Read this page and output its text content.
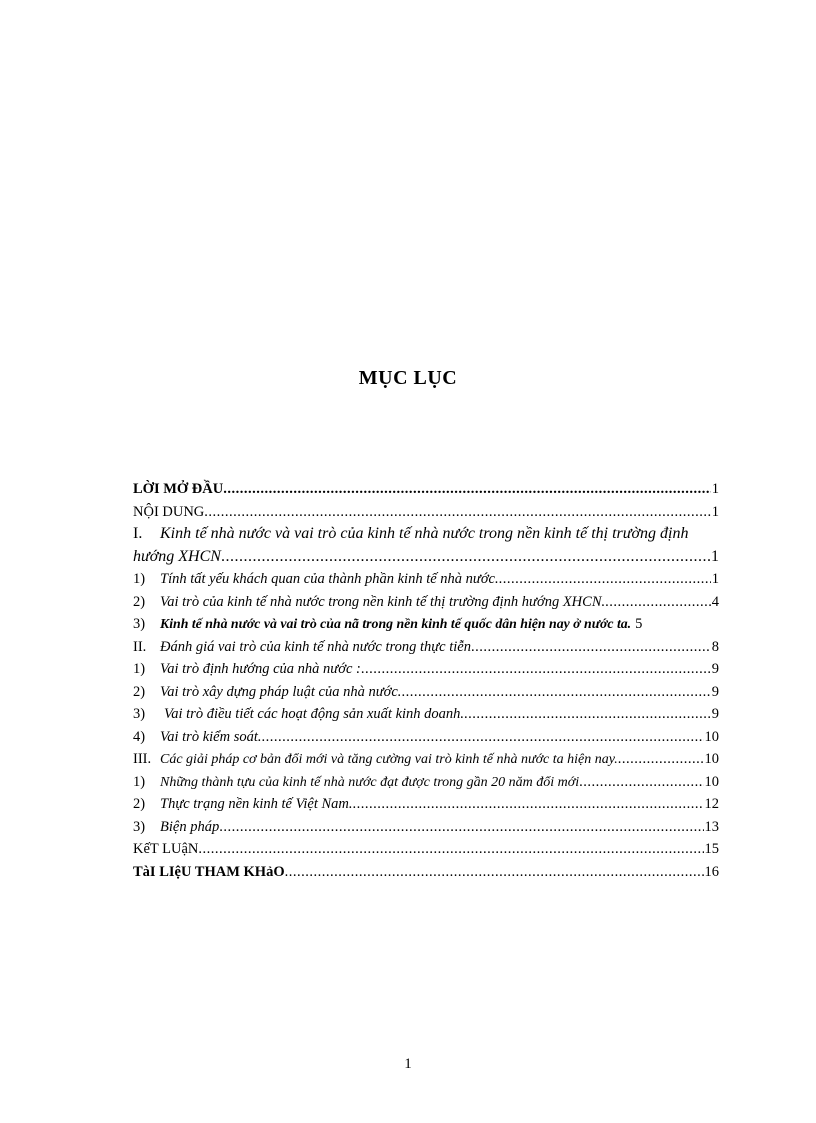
MỤC LỤC
LỜI MỞ ĐẦU .....	1
NỘI DUNG .....	1
I.	Kinh tế nhà nước và vai trò của kinh tế nhà nước trong nền kinh tế thị trường định
hướng XHCN .....	1
1)	Tính tất yếu khách quan của thành phần kinh tế nhà nước. .....	1
2)	Vai trò của kinh tế nhà nước trong nền kinh tế thị trường định hướng XHCN. .....	4
3)	Kinh tế nhà nước và vai trò của nã trong nền kinh tế quốc dân hiện nay ở nước ta. 5
II. Đánh giá vai trò của kinh tế nhà nước trong thực tiễn .....	8
1)	Vai trò định hướng của nhà nước : .....	9
2)	Vai trò xây dựng pháp luật của nhà nước. .....	9
3)	Vai trò điều tiết các hoạt động sản xuất kinh doanh. .....	9
4)	Vai trò kiểm soát. .....	10
III. Các giải pháp cơ bản đổi mới và tăng cường vai trò kinh tế nhà nước ta hiện nay. .....	10
1)	Những thành tựu của kinh tế nhà nước đạt được trong gần 20 năm đổi mới .....	10
2)	Thực trạng nền kinh tế Việt Nam. .....	12
3)	Biện pháp .....	13
KếT LUậN .....	15
TàI LIệU THAM KHảO .....	16
1
